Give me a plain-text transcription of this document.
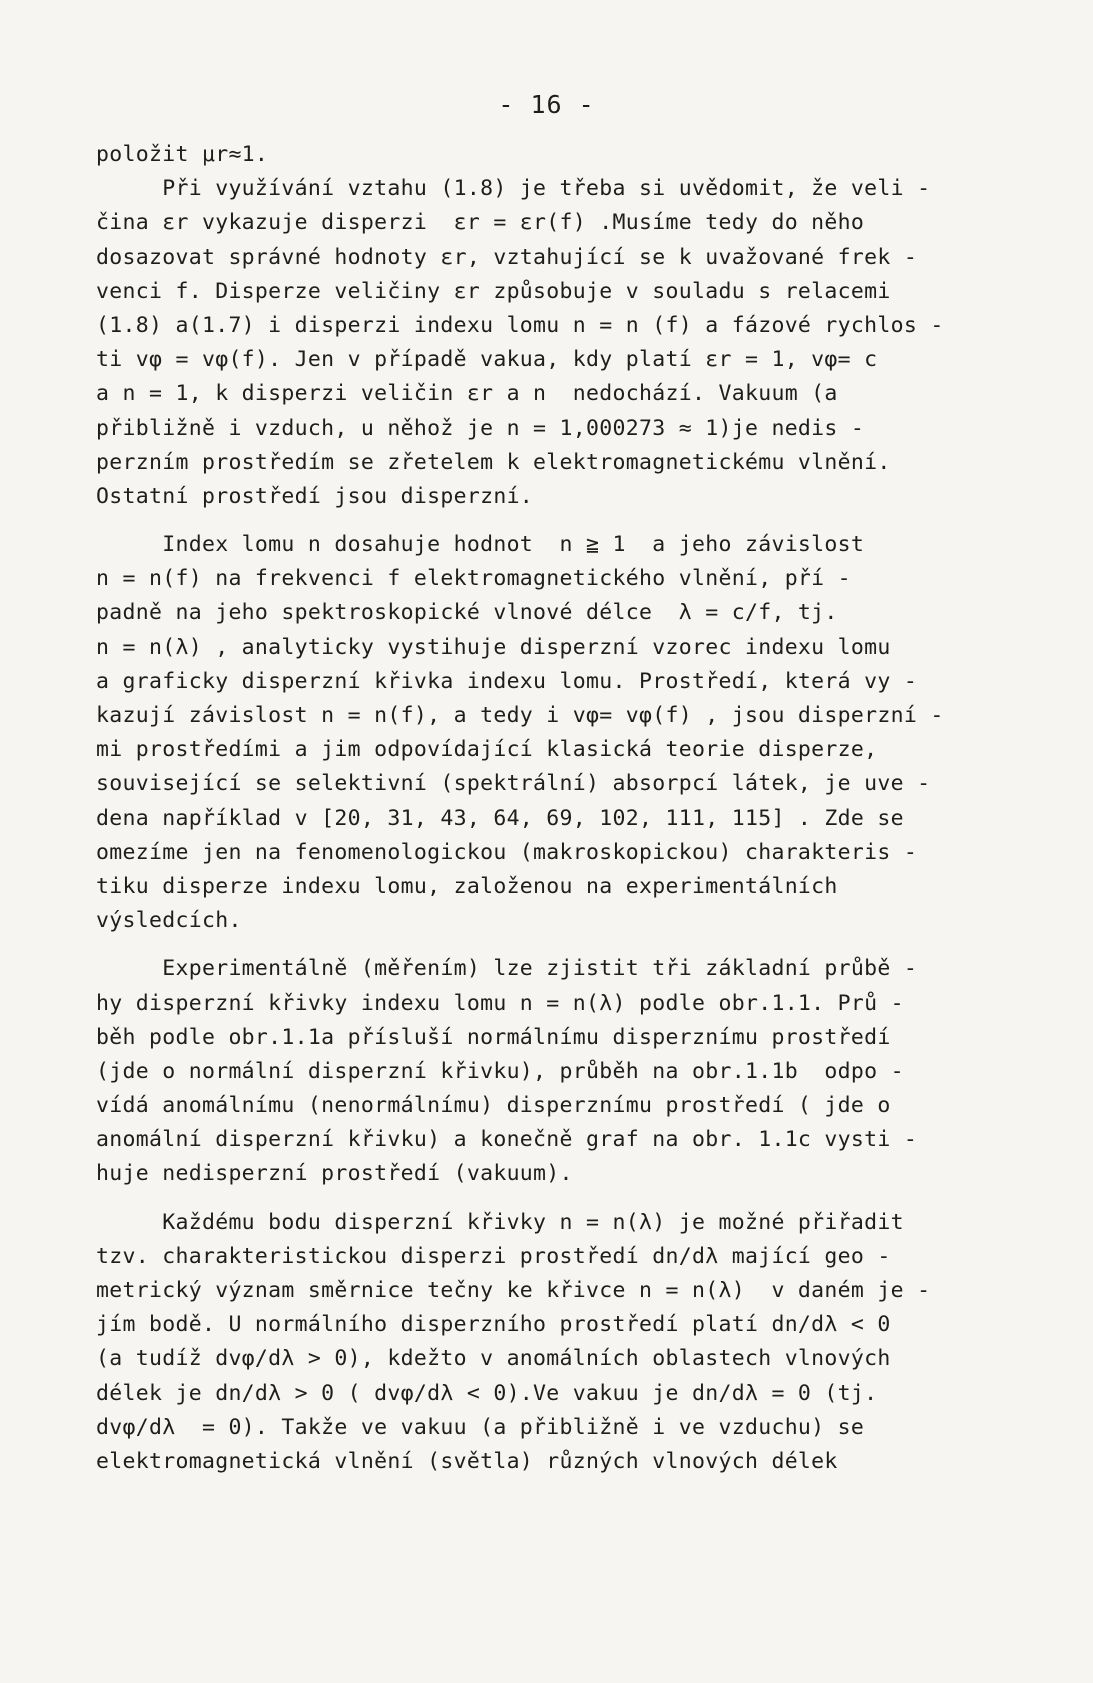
- 16 -
položit μr≈1.
Při využívání vztahu (1.8) je třeba si uvědomit, že veli -
čina εr vykazuje disperzi  εr = εr(f) .Musíme tedy do něho
dosazovat správné hodnoty εr, vztahující se k uvažované frek -
venci f. Disperze veličiny εr způsobuje v souladu s relacemi
(1.8) a(1.7) i disperzi indexu lomu n = n (f) a fázové rychlos -
ti vφ = vφ(f). Jen v případě vakua, kdy platí εr = 1, vφ= c
a n = 1, k disperzi veličin εr a n  nedochází. Vakuum (a
přibližně i vzduch, u něhož je n = 1,000273 ≈ 1)je nedis -
perzním prostředím se zřetelem k elektromagnetickému vlnění.
Ostatní prostředí jsou disperzní.
Index lomu n dosahuje hodnot  n ≧ 1  a jeho závislost
n = n(f) na frekvenci f elektromagnetického vlnění, pří -
padně na jeho spektroskopické vlnové délce  λ = c/f, tj.
n = n(λ) , analyticky vystihuje disperzní vzorec indexu lomu
a graficky disperzní křivka indexu lomu. Prostředí, která vy -
kazují závislost n = n(f), a tedy i vφ= vφ(f) , jsou disperzní -
mi prostředími a jim odpovídající klasická teorie disperze,
související se selektivní (spektrální) absorpcí látek, je uve -
dena například v [20, 31, 43, 64, 69, 102, 111, 115] . Zde se
omezíme jen na fenomenologickou (makroskopickou) charakteris -
tiku disperze indexu lomu, založenou na experimentálních
výsledcích.
Experimentálně (měřením) lze zjistit tři základní průbě -
hy disperzní křivky indexu lomu n = n(λ) podle obr.1.1. Prů -
běh podle obr.1.1a přísluší normálnímu disperznímu prostředí
(jde o normální disperzní křivku), průběh na obr.1.1b  odpo -
vídá anomálnímu (nenormálnímu) disperznímu prostředí ( jde o
anomální disperzní křivku) a konečně graf na obr. 1.1c vysti -
huje nedisperzní prostředí (vakuum).
Každému bodu disperzní křivky n = n(λ) je možné přiřadit
tzv. charakteristickou disperzi prostředí dn/dλ mající geo -
metrický význam směrnice tečny ke křivce n = n(λ)  v daném je -
jím bodě. U normálního disperzního prostředí platí dn/dλ < 0
(a tudíž dvφ/dλ > 0), kdežto v anomálních oblastech vlnových
délek je dn/dλ > 0 ( dvφ/dλ < 0).Ve vakuu je dn/dλ = 0 (tj.
dvφ/dλ  = 0). Takže ve vakuu (a přibližně i ve vzduchu) se
elektromagnetická vlnění (světla) různých vlnových délek
